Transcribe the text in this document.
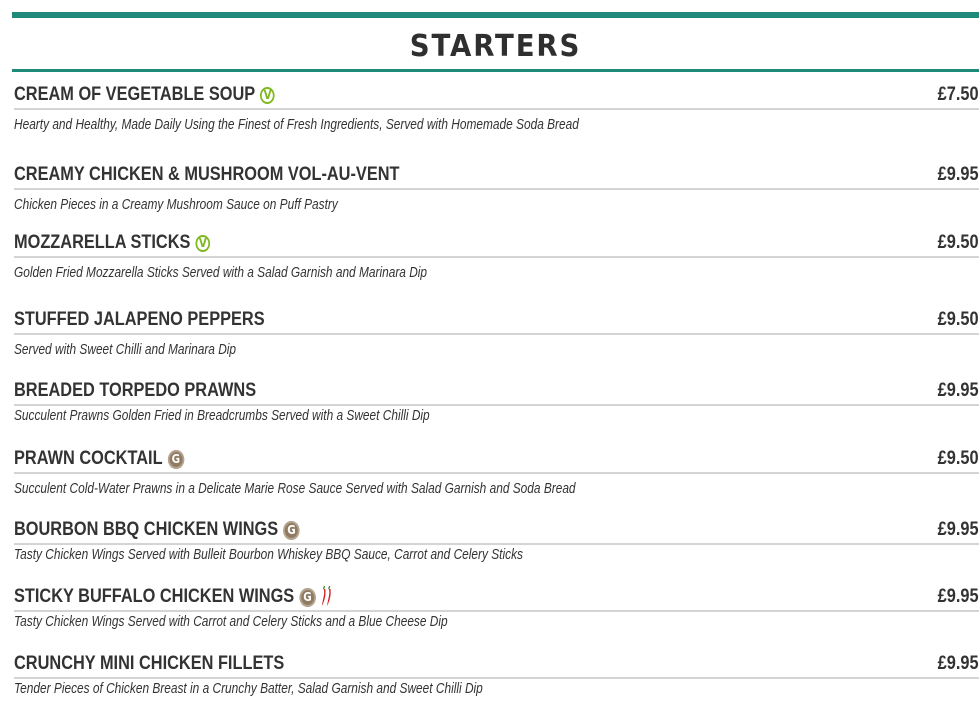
STARTERS
CREAM OF VEGETABLE SOUP V	£7.50
Hearty and Healthy, Made Daily Using the Finest of Fresh Ingredients, Served with Homemade Soda Bread
CREAMY CHICKEN & MUSHROOM VOL-AU-VENT	£9.95
Chicken Pieces in a Creamy Mushroom Sauce on Puff Pastry
MOZZARELLA STICKS V	£9.50
Golden Fried Mozzarella Sticks Served with a Salad Garnish and Marinara Dip
STUFFED JALAPENO PEPPERS	£9.50
Served with Sweet Chilli and Marinara Dip
BREADED TORPEDO PRAWNS	£9.95
Succulent Prawns Golden Fried in Breadcrumbs Served with a Sweet Chilli Dip
PRAWN COCKTAIL G	£9.50
Succulent Cold-Water Prawns in a Delicate Marie Rose Sauce Served with Salad Garnish and Soda Bread
BOURBON BBQ CHICKEN WINGS G	£9.95
Tasty Chicken Wings Served with Bulleit Bourbon Whiskey BBQ Sauce, Carrot and Celery Sticks
STICKY BUFFALO CHICKEN WINGS G	£9.95
Tasty Chicken Wings Served with Carrot and Celery Sticks and a Blue Cheese Dip
CRUNCHY MINI CHICKEN FILLETS	£9.95
Tender Pieces of Chicken Breast in a Crunchy Batter, Salad Garnish and Sweet Chilli Dip
